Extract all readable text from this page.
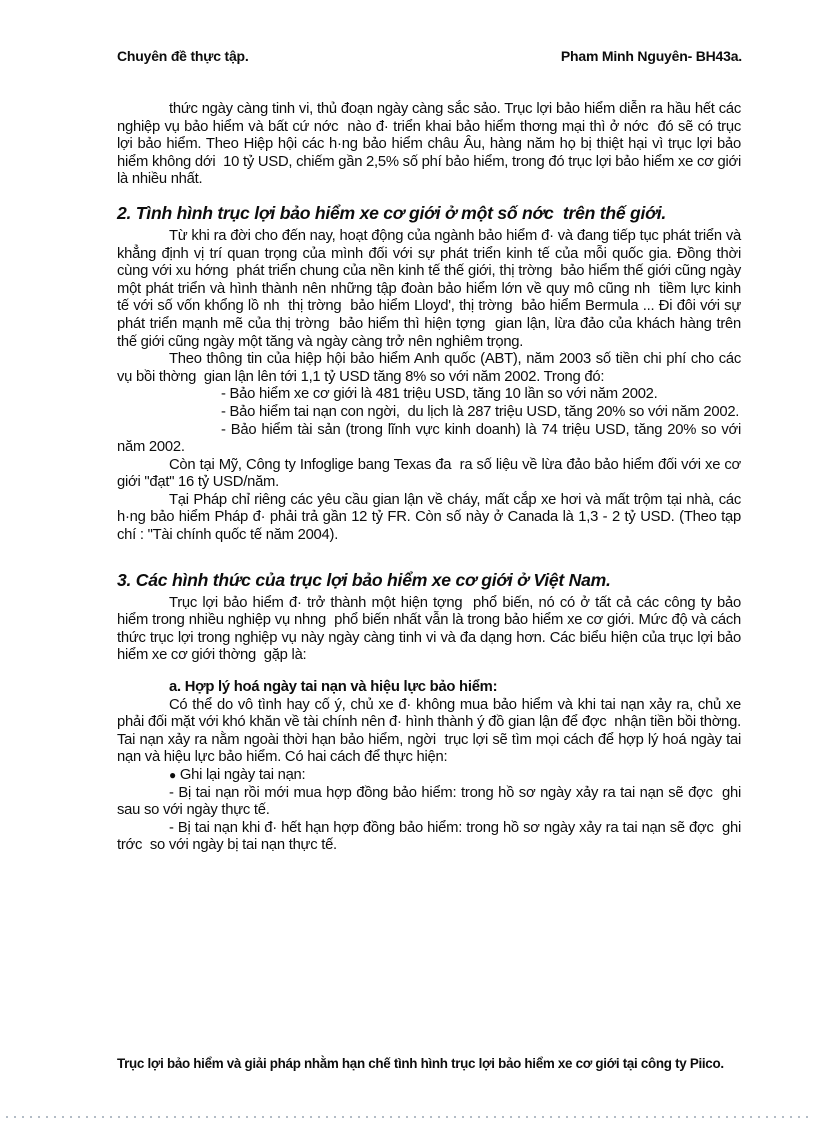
Chuyên đề thực tập.	Pham Minh Nguyên- BH43a.

thức ngày càng tinh vi, thủ đoạn ngày càng sắc sảo. Trục lợi bảo hiểm diễn ra hầu hết các nghiệp vụ bảo hiểm và bất cứ nớc  nào đ· triển khai bảo hiểm thơng mại thì ở nớc  đó sẽ có trục lợi bảo hiểm. Theo Hiệp hội các h·ng bảo hiểm châu Âu, hàng năm họ bị thiệt hại vì trục lợi bảo hiểm không dới  10 tỷ USD, chiếm gần 2,5% số phí bảo hiểm, trong đó trục lợi bảo hiểm xe cơ giới là nhiều nhất.

2. Tình hình trục lợi bảo hiểm xe cơ giới ở một số nớc  trên thế giới.

Từ khi ra đời cho đến nay, hoạt động của ngành bảo hiểm đ· và đang tiếp tục phát triển và khẳng định vị trí quan trọng của mình đối với sự phát triển kinh tế của mỗi quốc gia. Đồng thời cùng với xu hớng  phát triển chung của nền kinh tế thế giới, thị trờng  bảo hiểm thế giới cũng ngày một phát triển và hình thành nên những tập đoàn bảo hiểm lớn về quy mô cũng nh  tiềm lực kinh tế với số vốn khổng lồ nh  thị trờng  bảo hiểm Lloyd', thị trờng  bảo hiểm Bermula ... Đi đôi với sự phát triển mạnh mẽ của thị trờng  bảo hiểm thì hiện tợng  gian lận, lừa đảo của khách hàng trên thế giới cũng ngày một tăng và ngày càng trở nên nghiêm trọng.

Theo thông tin của hiệp hội bảo hiểm Anh quốc (ABT), năm 2003 số tiền chi phí cho các vụ bồi thờng  gian lận lên tới 1,1 tỷ USD tăng 8% so với năm 2002. Trong đó:

- Bảo hiểm xe cơ giới là 481 triệu USD, tăng 10 lần so với năm 2002.

- Bảo hiểm tai nạn con ngời,  du lịch là 287 triệu USD, tăng 20% so với năm 2002.

- Bảo hiểm tài sản (trong lĩnh vực kinh doanh) là 74 triệu USD, tăng 20% so với năm 2002.

Còn tại Mỹ, Công ty Infoglige bang Texas đa  ra số liệu về lừa đảo bảo hiểm đối với xe cơ giới "đạt" 16 tỷ USD/năm.

Tại Pháp chỉ riêng các yêu cầu gian lận về cháy, mất cắp xe hơi và mất trộm tại nhà, các h·ng bảo hiểm Pháp đ· phải trả gần 12 tỷ FR. Còn số này ở Canada là 1,3 - 2 tỷ USD. (Theo tạp chí : "Tài chính quốc tế năm 2004).

3. Các hình thức của trục lợi bảo hiểm xe cơ giới ở Việt Nam.

Trục lợi bảo hiểm đ· trở thành một hiện tợng  phổ biến, nó có ở tất cả các công ty bảo hiểm trong nhiều nghiệp vụ nhng  phổ biến nhất vẫn là trong bảo hiểm xe cơ giới. Mức độ và cách thức trục lợi trong nghiệp vụ này ngày càng tinh vi và đa dạng hơn. Các biểu hiện của trục lợi bảo hiểm xe cơ giới thờng  gặp là:

a. Hợp lý hoá ngày tai nạn và hiệu lực bảo hiểm:

Có thể do vô tình hay cố ý, chủ xe đ· không mua bảo hiểm và khi tai nạn xảy ra, chủ xe phải đối mặt với khó khăn về tài chính nên đ· hình thành ý đồ gian lận để đợc  nhận tiền bồi thờng.  Tai nạn xảy ra nằm ngoài thời hạn bảo hiểm, ngời  trục lợi sẽ tìm mọi cách để hợp lý hoá ngày tai nạn và hiệu lực bảo hiểm. Có hai cách để thực hiện:

● Ghi lại ngày tai nạn:

- Bị tai nạn rồi mới mua hợp đồng bảo hiểm: trong hồ sơ ngày xảy ra tai nạn sẽ đợc  ghi sau so với ngày thực tế.

- Bị tai nạn khi đ· hết hạn hợp đồng bảo hiểm: trong hồ sơ ngày xảy ra tai nạn sẽ đợc  ghi trớc  so với ngày bị tai nạn thực tế.

Trục lợi bảo hiểm và giải pháp nhằm hạn chế tình hình trục lợi bảo hiểm xe cơ giới tại công ty Piico.
